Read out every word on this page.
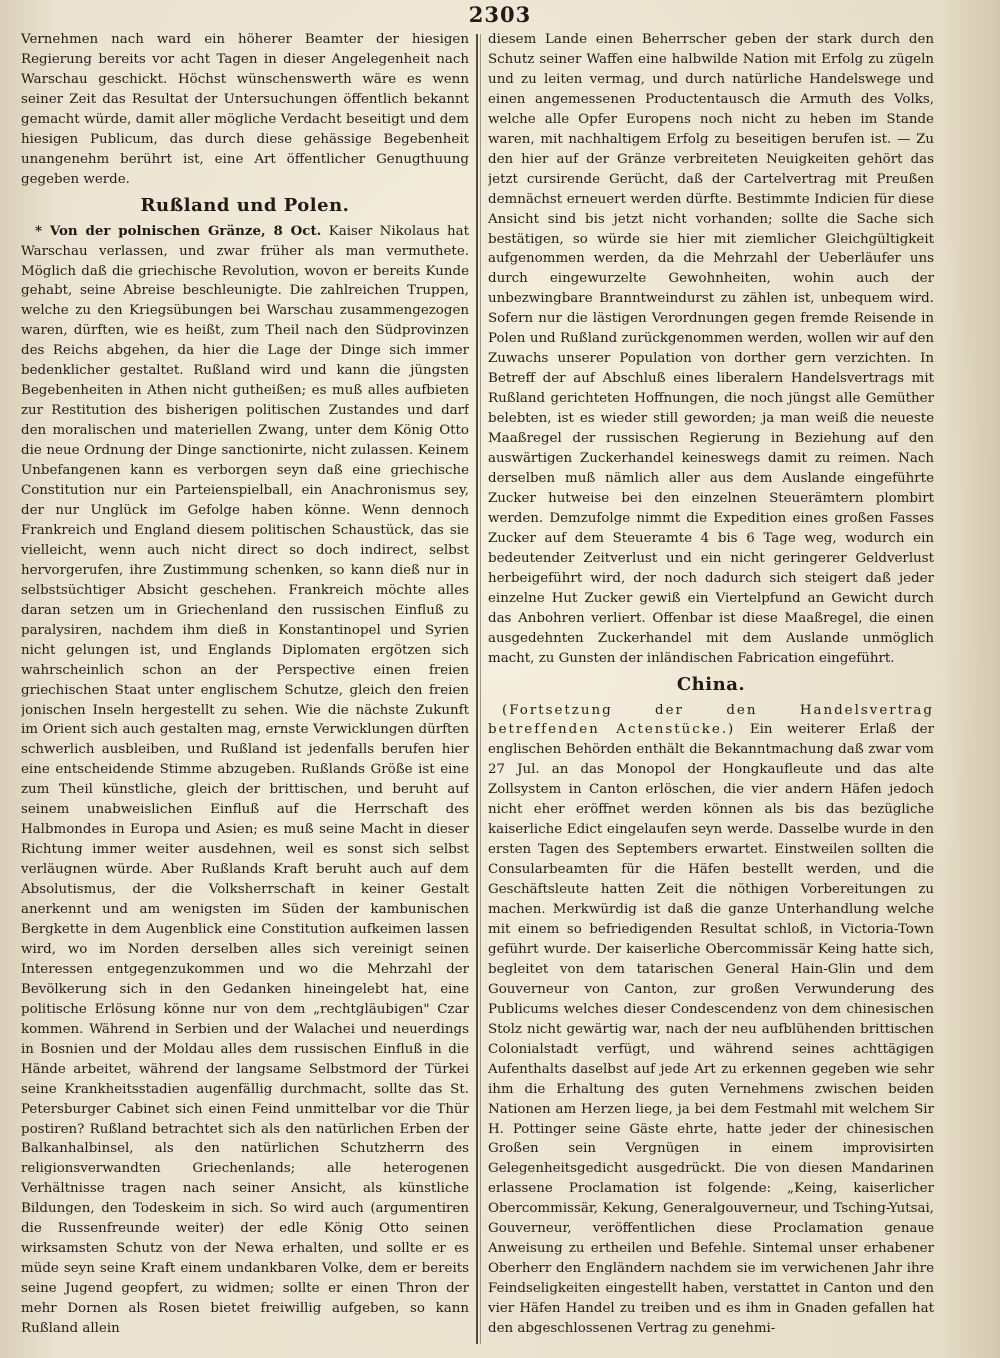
2303

Vernehmen nach ward ein höherer Beamter der hiesigen Regierung bereits vor acht Tagen in dieser Angelegenheit nach Warschau geschickt. Höchst wünschenswerth wäre es wenn seiner Zeit das Resultat der Untersuchungen öffentlich bekannt gemacht würde, damit aller mögliche Verdacht beseitigt und dem hiesigen Publicum, das durch diese gehässige Begebenheit unangenehm berührt ist, eine Art öffentlicher Genugthuung gegeben werde.

Rußland und Polen.

* Von der polnischen Gränze, 8 Oct. Kaiser Nikolaus hat Warschau verlassen, und zwar früher als man vermuthete. Möglich daß die griechische Revolution, wovon er bereits Kunde gehabt, seine Abreise beschleunigte. Die zahlreichen Truppen, welche zu den Kriegsübungen bei Warschau zusammengezogen waren, dürften, wie es heißt, zum Theil nach den Südprovinzen des Reichs abgehen, da hier die Lage der Dinge sich immer bedenklicher gestaltet. Rußland wird und kann die jüngsten Begebenheiten in Athen nicht gutheißen; es muß alles aufbieten zur Restitution des bisherigen politischen Zustandes und darf den moralischen und materiellen Zwang, unter dem König Otto die neue Ordnung der Dinge sanctionirte, nicht zulassen. Keinem Unbefangenen kann es verborgen seyn daß eine griechische Constitution nur ein Parteienspielball, ein Anachronismus sey, der nur Unglück im Gefolge haben könne. Wenn dennoch Frankreich und England diesem politischen Schaustück, das sie vielleicht, wenn auch nicht direct so doch indirect, selbst hervorgerufen, ihre Zustimmung schenken, so kann dieß nur in selbstsüchtiger Absicht geschehen. Frankreich möchte alles daran setzen um in Griechenland den russischen Einfluß zu paralysiren, nachdem ihm dieß in Konstantinopel und Syrien nicht gelungen ist, und Englands Diplomaten ergötzen sich wahrscheinlich schon an der Perspective einen freien griechischen Staat unter englischem Schutze, gleich den freien jonischen Inseln hergestellt zu sehen. Wie die nächste Zukunft im Orient sich auch gestalten mag, ernste Verwicklungen dürften schwerlich ausbleiben, und Rußland ist jedenfalls berufen hier eine entscheidende Stimme abzugeben. Rußlands Größe ist eine zum Theil künstliche, gleich der brittischen, und beruht auf seinem unabweislichen Einfluß auf die Herrschaft des Halbmondes in Europa und Asien; es muß seine Macht in dieser Richtung immer weiter ausdehnen, weil es sonst sich selbst verläugnen würde. Aber Rußlands Kraft beruht auch auf dem Absolutismus, der die Volksherrschaft in keiner Gestalt anerkennt und am wenigsten im Süden der kambunischen Bergkette in dem Augenblick eine Constitution aufkeimen lassen wird, wo im Norden derselben alles sich vereinigt seinen Interessen entgegenzukommen und wo die Mehrzahl der Bevölkerung sich in den Gedanken hineingelebt hat, eine politische Erlösung könne nur von dem „rechtgläubigen" Czar kommen. Während in Serbien und der Walachei und neuerdings in Bosnien und der Moldau alles dem russischen Einfluß in die Hände arbeitet, während der langsame Selbstmord der Türkei seine Krankheitsstadien augenfällig durchmacht, sollte das St. Petersburger Cabinet sich einen Feind unmittelbar vor die Thür postiren? Rußland betrachtet sich als den natürlichen Erben der Balkanhalbinsel, als den natürlichen Schutzherrn des religionsverwandten Griechenlands; alle heterogenen Verhältnisse tragen nach seiner Ansicht, als künstliche Bildungen, den Todeskeim in sich. So wird auch (argumentiren die Russenfreunde weiter) der edle König Otto seinen wirksamsten Schutz von der Newa erhalten, und sollte er es müde seyn seine Kraft einem undankbaren Volke, dem er bereits seine Jugend geopfert, zu widmen; sollte er einen Thron der mehr Dornen als Rosen bietet freiwillig aufgeben, so kann Rußland allein

diesem Lande einen Beherrscher geben der stark durch den Schutz seiner Waffen eine halbwilde Nation mit Erfolg zu zügeln und zu leiten vermag, und durch natürliche Handelswege und einen angemessenen Productentausch die Armuth des Volks, welche alle Opfer Europens noch nicht zu heben im Stande waren, mit nachhaltigem Erfolg zu beseitigen berufen ist. — Zu den hier auf der Gränze verbreiteten Neuigkeiten gehört das jetzt cursirende Gerücht, daß der Cartelvertrag mit Preußen demnächst erneuert werden dürfte. Bestimmte Indicien für diese Ansicht sind bis jetzt nicht vorhanden; sollte die Sache sich bestätigen, so würde sie hier mit ziemlicher Gleichgültigkeit aufgenommen werden, da die Mehrzahl der Ueberläufer uns durch eingewurzelte Gewohnheiten, wohin auch der unbezwingbare Branntweindurst zu zählen ist, unbequem wird. Sofern nur die lästigen Verordnungen gegen fremde Reisende in Polen und Rußland zurückgenommen werden, wollen wir auf den Zuwachs unserer Population von dorther gern verzichten. In Betreff der auf Abschluß eines liberalern Handelsvertrags mit Rußland gerichteten Hoffnungen, die noch jüngst alle Gemüther belebten, ist es wieder still geworden; ja man weiß die neueste Maaßregel der russischen Regierung in Beziehung auf den auswärtigen Zuckerhandel keineswegs damit zu reimen. Nach derselben muß nämlich aller aus dem Auslande eingeführte Zucker hutweise bei den einzelnen Steuerämtern plombirt werden. Demzufolge nimmt die Expedition eines großen Fasses Zucker auf dem Steueramte 4 bis 6 Tage weg, wodurch ein bedeutender Zeitverlust und ein nicht geringerer Geldverlust herbeigeführt wird, der noch dadurch sich steigert daß jeder einzelne Hut Zucker gewiß ein Viertelpfund an Gewicht durch das Anbohren verliert. Offenbar ist diese Maaßregel, die einen ausgedehnten Zuckerhandel mit dem Auslande unmöglich macht, zu Gunsten der inländischen Fabrication eingeführt.

China.

(Fortsetzung der den Handelsvertrag betreffenden Actenstücke.) Ein weiterer Erlaß der englischen Behörden enthält die Bekanntmachung daß zwar vom 27 Jul. an das Monopol der Hongkaufleute und das alte Zollsystem in Canton erlöschen, die vier andern Häfen jedoch nicht eher eröffnet werden können als bis das bezügliche kaiserliche Edict eingelaufen seyn werde. Dasselbe wurde in den ersten Tagen des Septembers erwartet. Einstweilen sollten die Consularbeamten für die Häfen bestellt werden, und die Geschäftsleute hatten Zeit die nöthigen Vorbereitungen zu machen. Merkwürdig ist daß die ganze Unterhandlung welche mit einem so befriedigenden Resultat schloß, in Victoria-Town geführt wurde. Der kaiserliche Obercommissär Keing hatte sich, begleitet von dem tatarischen General Hain-Glin und dem Gouverneur von Canton, zur großen Verwunderung des Publicums welches dieser Condescendenz von dem chinesischen Stolz nicht gewärtig war, nach der neu aufblühenden brittischen Colonialstadt verfügt, und während seines achttägigen Aufenthalts daselbst auf jede Art zu erkennen gegeben wie sehr ihm die Erhaltung des guten Vernehmens zwischen beiden Nationen am Herzen liege, ja bei dem Festmahl mit welchem Sir H. Pottinger seine Gäste ehrte, hatte jeder der chinesischen Großen sein Vergnügen in einem improvisirten Gelegenheitsgedicht ausgedrückt. Die von diesen Mandarinen erlassene Proclamation ist folgende: „Keing, kaiserlicher Obercommissär, Kekung, Generalgouverneur, und Tsching-Yutsai, Gouverneur, veröffentlichen diese Proclamation genaue Anweisung zu ertheilen und Befehle. Sintemal unser erhabener Oberherr den Engländern nachdem sie im verwichenen Jahr ihre Feindseligkeiten eingestellt haben, verstattet in Canton und den vier Häfen Handel zu treiben und es ihm in Gnaden gefallen hat den abgeschlossenen Vertrag zu genehmi-
